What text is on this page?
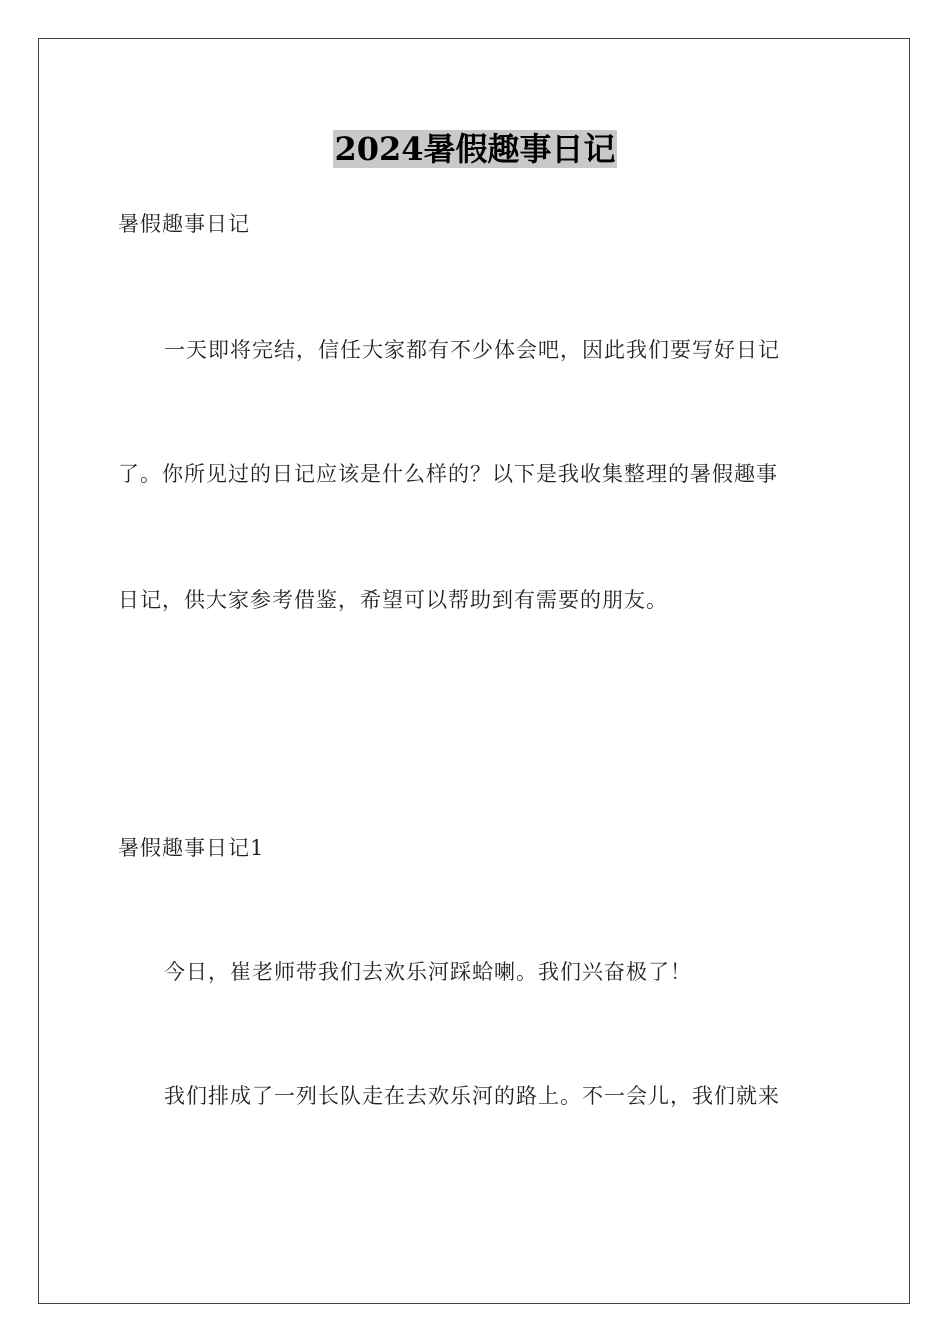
2024暑假趣事日记
暑假趣事日记
一天即将完结，信任大家都有不少体会吧，因此我们要写好日记
了。你所见过的日记应该是什么样的？以下是我收集整理的暑假趣事
日记，供大家参考借鉴，希望可以帮助到有需要的朋友。
暑假趣事日记1
今日，崔老师带我们去欢乐河踩蛤喇。我们兴奋极了！
我们排成了一列长队走在去欢乐河的路上。不一会儿，我们就来
